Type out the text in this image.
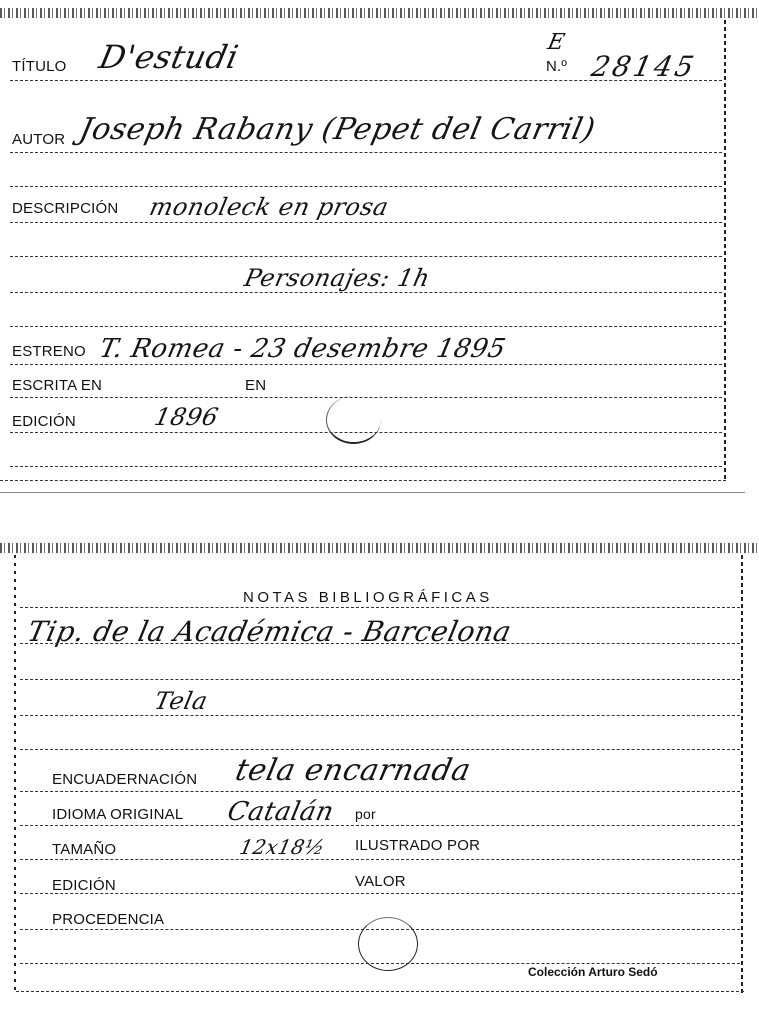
TÍTULO D'estudi	E
N.º 28145
AUTOR Joseph Rabany (Pepet del Carril)
DESCRIPCIÓN monoleck en prosa
Personajes: 1h
ESTRENO T. Romea - 23 desembre 1895
ESCRITA EN	EN
EDICIÓN	1896
NOTAS BIBLIOGRÁFICAS
Tip. de la Académica - Barcelona
Tela
ENCUADERNACIÓN tela encarnada
IDIOMA ORIGINAL Catalán por
TAMAÑO	12x18½ ILUSTRADO POR
EDICIÓN	VALOR
PROCEDENCIA
Colección Arturo Sedó
